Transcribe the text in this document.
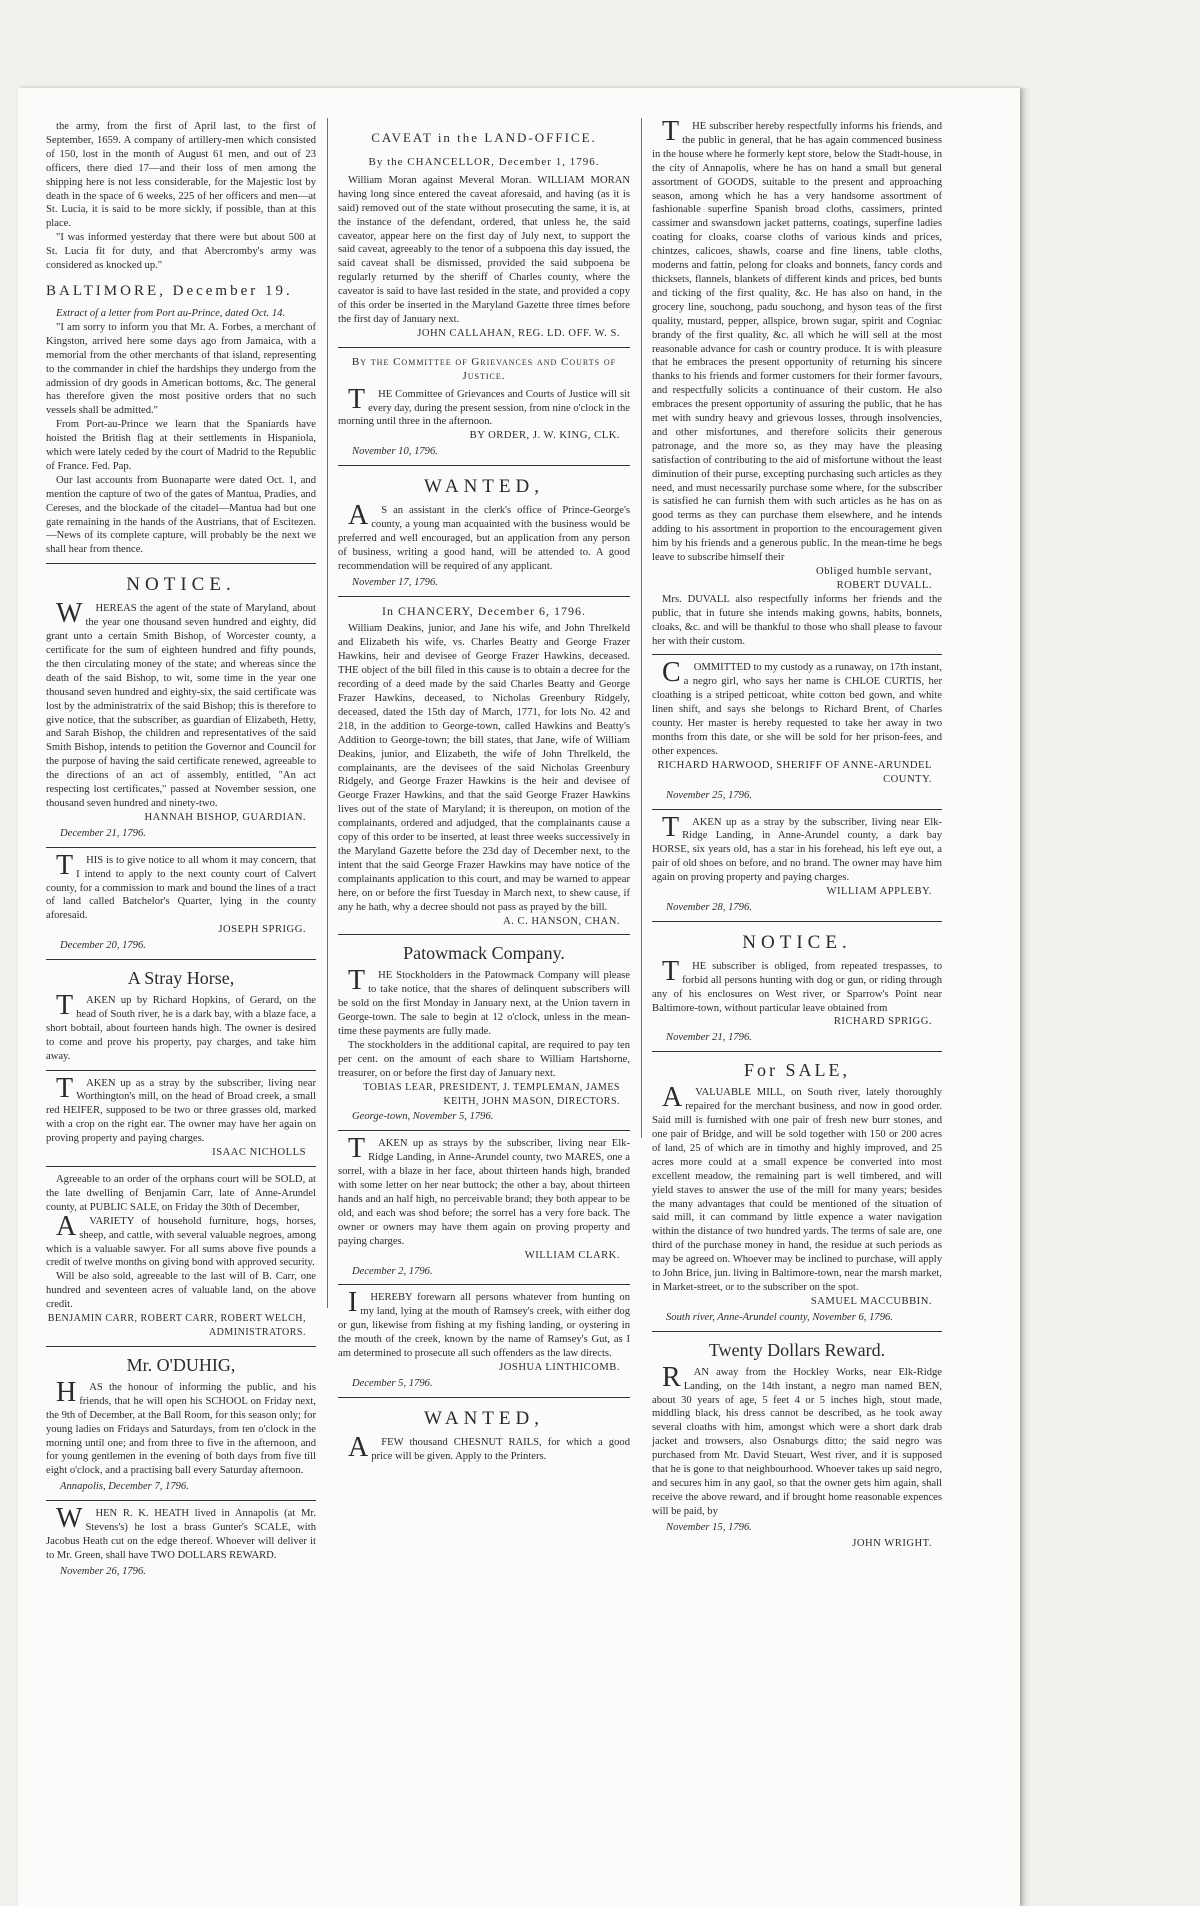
the army, from the first of April last, to the first of September, 1659. A company of artillery-men which consisted of 150, lost in the month of August 61 men, and out of 23 officers, there died 17—and their loss of men among the shipping here is not less considerable, for the Majestic lost by death in the space of 6 weeks, 225 of her officers and men—at St. Lucia, it is said to be more sickly, if possible, than at this place.

"I was informed yesterday that there were but about 500 at St. Lucia fit for duty, and that Abercromby's army was considered as knocked up."

BALTIMORE, December 19.

Extract of a letter from Port au-Prince, dated Oct. 14.

"I am sorry to inform you that Mr. A. Forbes, a merchant of Kingston, arrived here some days ago from Jamaica, with a memorial from the other merchants of that island, representing to the commander in chief the hardships they undergo from the admission of dry goods in American bottoms, &c. The general has therefore given the most positive orders that no such vessels shall be admitted."

From Port-au-Prince we learn that the Spaniards have hoisted the British flag at their settlements in Hispaniola, which were lately ceded by the court of Madrid to the Republic of France. Fed. Pap.

Our last accounts from Buonaparte were dated Oct. 1, and mention the capture of two of the gates of Mantua, Pradies, and Cereses, and the blockade of the citadel—Mantua had but one gate remaining in the hands of the Austrians, that of Escitezen.—News of its complete capture, will probably be the next we shall hear from thence.

NOTICE.

WHEREAS the agent of the state of Maryland, about the year one thousand seven hundred and eighty, did grant unto a certain Smith Bishop, of Worcester county, a certificate for the sum of eighteen hundred and fifty pounds, the then circulating money of the state; and whereas since the death of the said Bishop, to wit, some time in the year one thousand seven hundred and eighty-six, the said certificate was lost by the administratrix of the said Bishop; this is therefore to give notice, that the subscriber, as guardian of Elizabeth, Hetty, and Sarah Bishop, the children and representatives of the said Smith Bishop, intends to petition the Governor and Council for the purpose of having the said certificate renewed, agreeable to the directions of an act of assembly, entitled, "An act respecting lost certificates," passed at November session, one thousand seven hundred and ninety-two.

HANNAH BISHOP, GUARDIAN.

December 21, 1796.

THIS is to give notice to all whom it may concern, that I intend to apply to the next county court of Calvert county, for a commission to mark and bound the lines of a tract of land called Batchelor's Quarter, lying in the county aforesaid.

JOSEPH SPRIGG.

December 20, 1796.

A Stray Horse,

TAKEN up by Richard Hopkins, of Gerard, on the head of South river, he is a dark bay, with a blaze face, a short bobtail, about fourteen hands high. The owner is desired to come and prove his property, pay charges, and take him away.

TAKEN up as a stray by the subscriber, living near Worthington's mill, on the head of Broad creek, a small red HEIFER, supposed to be two or three grasses old, marked with a crop on the right ear. The owner may have her again on proving property and paying charges.

ISAAC NICHOLLS

Agreeable to an order of the orphans court will be SOLD, at the late dwelling of Benjamin Carr, late of Anne-Arundel county, at PUBLIC SALE, on Friday the 30th of December,

AVARIETY of household furniture, hogs, horses, sheep, and cattle, with several valuable negroes, among which is a valuable sawyer. For all sums above five pounds a credit of twelve months on giving bond with approved security.

Will be also sold, agreeable to the last will of B. Carr, one hundred and seventeen acres of valuable land, on the above credit.

BENJAMIN CARR, ROBERT CARR, ROBERT WELCH, ADMINISTRATORS.

Mr. O'DUHIG,

HAS the honour of informing the public, and his friends, that he will open his SCHOOL on Friday next, the 9th of December, at the Ball Room, for this season only; for young ladies on Fridays and Saturdays, from ten o'clock in the morning until one; and from three to five in the afternoon, and for young gentlemen in the evening of both days from five till eight o'clock, and a practising ball every Saturday afternoon.

Annapolis, December 7, 1796.

WHEN R. K. HEATH lived in Annapolis (at Mr. Stevens's) he lost a brass Gunter's SCALE, with Jacobus Heath cut on the edge thereof. Whoever will deliver it to Mr. Green, shall have TWO DOLLARS REWARD.

November 26, 1796.

CAVEAT in the LAND-OFFICE.

By the CHANCELLOR, December 1, 1796.

William Moran against Meveral Moran. WILLIAM MORAN having long since entered the caveat aforesaid, and having (as it is said) removed out of the state without prosecuting the same, it is, at the instance of the defendant, ordered, that unless he, the said caveator, appear here on the first day of July next, to support the said caveat, agreeably to the tenor of a subpoena this day issued, the said caveat shall be dismissed, provided the said subpoena be regularly returned by the sheriff of Charles county, where the caveator is said to have last resided in the state, and provided a copy of this order be inserted in the Maryland Gazette three times before the first day of January next.

JOHN CALLAHAN, REG. LD. OFF. W. S.

By the Committee of Grievances and Courts of Justice.

THE Committee of Grievances and Courts of Justice will sit every day, during the present session, from nine o'clock in the morning until three in the afternoon.

BY ORDER, J. W. KING, CLK.

November 10, 1796.

WANTED,

AS an assistant in the clerk's office of Prince-George's county, a young man acquainted with the business would be preferred and well encouraged, but an application from any person of business, writing a good hand, will be attended to. A good recommendation will be required of any applicant.

November 17, 1796.

In CHANCERY, December 6, 1796.

William Deakins, junior, and Jane his wife, and John Threlkeld and Elizabeth his wife, vs. Charles Beatty and George Frazer Hawkins, heir and devisee of George Frazer Hawkins, deceased. THE object of the bill filed in this cause is to obtain a decree for the recording of a deed made by the said Charles Beatty and George Frazer Hawkins, deceased, to Nicholas Greenbury Ridgely, deceased, dated the 15th day of March, 1771, for lots No. 42 and 218, in the addition to George-town, called Hawkins and Beatty's Addition to George-town; the bill states, that Jane, wife of William Deakins, junior, and Elizabeth, the wife of John Threlkeld, the complainants, are the devisees of the said Nicholas Greenbury Ridgely, and George Frazer Hawkins is the heir and devisee of George Frazer Hawkins, and that the said George Frazer Hawkins lives out of the state of Maryland; it is thereupon, on motion of the complainants, ordered and adjudged, that the complainants cause a copy of this order to be inserted, at least three weeks successively in the Maryland Gazette before the 23d day of December next, to the intent that the said George Frazer Hawkins may have notice of the complainants application to this court, and may be warned to appear here, on or before the first Tuesday in March next, to shew cause, if any he hath, why a decree should not pass as prayed by the bill.

A. C. HANSON, CHAN.

Patowmack Company.

THE Stockholders in the Patowmack Company will please to take notice, that the shares of delinquent subscribers will be sold on the first Monday in January next, at the Union tavern in George-town. The sale to begin at 12 o'clock, unless in the mean-time these payments are fully made.

The stockholders in the additional capital, are required to pay ten per cent. on the amount of each share to William Hartshorne, treasurer, on or before the first day of January next.

TOBIAS LEAR, PRESIDENT, J. TEMPLEMAN, JAMES KEITH, JOHN MASON, DIRECTORS.

George-town, November 5, 1796.

TAKEN up as strays by the subscriber, living near Elk-Ridge Landing, in Anne-Arundel county, two MARES, one a sorrel, with a blaze in her face, about thirteen hands high, branded with some letter on her near buttock; the other a bay, about thirteen hands and an half high, no perceivable brand; they both appear to be old, and each was shod before; the sorrel has a very fore back. The owner or owners may have them again on proving property and paying charges.

WILLIAM CLARK.

December 2, 1796.

IHEREBY forewarn all persons whatever from hunting on my land, lying at the mouth of Ramsey's creek, with either dog or gun, likewise from fishing at my fishing landing, or oystering in the mouth of the creek, known by the name of Ramsey's Gut, as I am determined to prosecute all such offenders as the law directs.

JOSHUA LINTHICOMB.

December 5, 1796.

WANTED,

AFEW thousand CHESNUT RAILS, for which a good price will be given. Apply to the Printers.

THE subscriber hereby respectfully informs his friends, and the public in general, that he has again commenced business in the house where he formerly kept store, below the Stadt-house, in the city of Annapolis, where he has on hand a small but general assortment of GOODS, suitable to the present and approaching season, among which he has a very handsome assortment of fashionable superfine Spanish broad cloths, cassimers, printed cassimer and swansdown jacket patterns, coatings, superfine ladies coating for cloaks, coarse cloths of various kinds and prices, chintzes, calicoes, shawls, coarse and fine linens, table cloths, moderns and fattin, pelong for cloaks and bonnets, fancy cords and thicksets, flannels, blankets of different kinds and prices, bed bunts and ticking of the first quality, &c. He has also on hand, in the grocery line, souchong, padu souchong, and hyson teas of the first quality, mustard, pepper, allspice, brown sugar, spirit and Cogniac brandy of the first quality, &c. all which he will sell at the most reasonable advance for cash or country produce. It is with pleasure that he embraces the present opportunity of returning his sincere thanks to his friends and former customers for their former favours, and respectfully solicits a continuance of their custom. He also embraces the present opportunity of assuring the public, that he has met with sundry heavy and grievous losses, through insolvencies, and other misfortunes, and therefore solicits their generous patronage, and the more so, as they may have the pleasing satisfaction of contributing to the aid of misfortune without the least diminution of their purse, excepting purchasing such articles as they need, and must necessarily purchase some where, for the subscriber is satisfied he can furnish them with such articles as he has on as good terms as they can purchase them elsewhere, and he intends adding to his assortment in proportion to the encouragement given him by his friends and a generous public. In the mean-time he begs leave to subscribe himself their

Obliged humble servant,

ROBERT DUVALL.

Mrs. DUVALL also respectfully informs her friends and the public, that in future she intends making gowns, habits, bonnets, cloaks, &c. and will be thankful to those who shall please to favour her with their custom.

COMMITTED to my custody as a runaway, on 17th instant, a negro girl, who says her name is CHLOE CURTIS, her cloathing is a striped petticoat, white cotton bed gown, and white linen shift, and says she belongs to Richard Brent, of Charles county. Her master is hereby requested to take her away in two months from this date, or she will be sold for her prison-fees, and other expences.

RICHARD HARWOOD, SHERIFF OF ANNE-ARUNDEL COUNTY.

November 25, 1796.

TAKEN up as a stray by the subscriber, living near Elk-Ridge Landing, in Anne-Arundel county, a dark bay HORSE, six years old, has a star in his forehead, his left eye out, a pair of old shoes on before, and no brand. The owner may have him again on proving property and paying charges.

WILLIAM APPLEBY.

November 28, 1796.

NOTICE.

THE subscriber is obliged, from repeated trespasses, to forbid all persons hunting with dog or gun, or riding through any of his enclosures on West river, or Sparrow's Point near Baltimore-town, without particular leave obtained from

RICHARD SPRIGG.

November 21, 1796.

For SALE,

AVALUABLE MILL, on South river, lately thoroughly repaired for the merchant business, and now in good order. Said mill is furnished with one pair of fresh new burr stones, and one pair of Bridge, and will be sold together with 150 or 200 acres of land, 25 of which are in timothy and highly improved, and 25 acres more could at a small expence be converted into most excellent meadow, the remaining part is well timbered, and will yield staves to answer the use of the mill for many years; besides the many advantages that could be mentioned of the situation of said mill, it can command by little expence a water navigation within the distance of two hundred yards. The terms of sale are, one third of the purchase money in hand, the residue at such periods as may be agreed on. Whoever may be inclined to purchase, will apply to John Brice, jun. living in Baltimore-town, near the marsh market, in Market-street, or to the subscriber on the spot.

SAMUEL MACCUBBIN.

South river, Anne-Arundel county, November 6, 1796.

Twenty Dollars Reward.

RAN away from the Hockley Works, near Elk-Ridge Landing, on the 14th instant, a negro man named BEN, about 30 years of age, 5 feet 4 or 5 inches high, stout made, middling black, his dress cannot be described, as he took away several cloaths with him, amongst which were a short dark drab jacket and trowsers, also Osnaburgs ditto; the said negro was purchased from Mr. David Steuart, West river, and it is supposed that he is gone to that neighbourhood. Whoever takes up said negro, and secures him in any gaol, so that the owner gets him again, shall receive the above reward, and if brought home reasonable expences will be paid, by

November 15, 1796.

JOHN WRIGHT.
